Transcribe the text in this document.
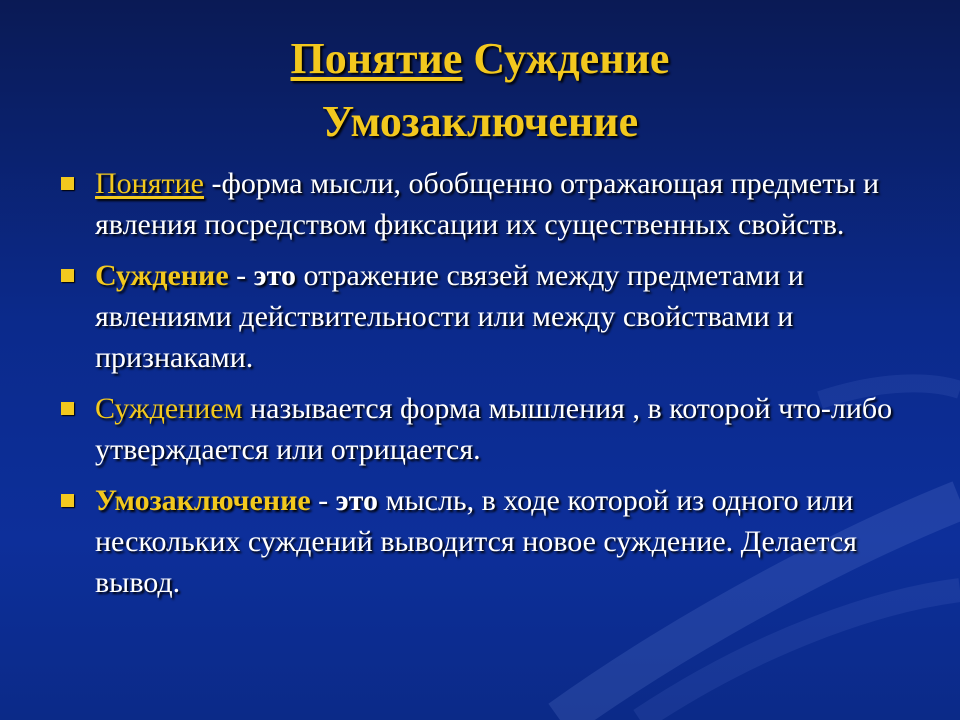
Понятие Суждение
Умозаключение
Понятие -форма мысли, обобщенно отражающая предметы и явления посредством фиксации их существенных свойств.
Суждение - это отражение связей между предметами и явлениями действительности или между свойствами и признаками.
Суждением называется форма мышления , в которой что-либо утверждается или отрицается.
Умозаключение - это мысль, в ходе которой из одного или нескольких суждений выводится новое суждение. Делается вывод.
